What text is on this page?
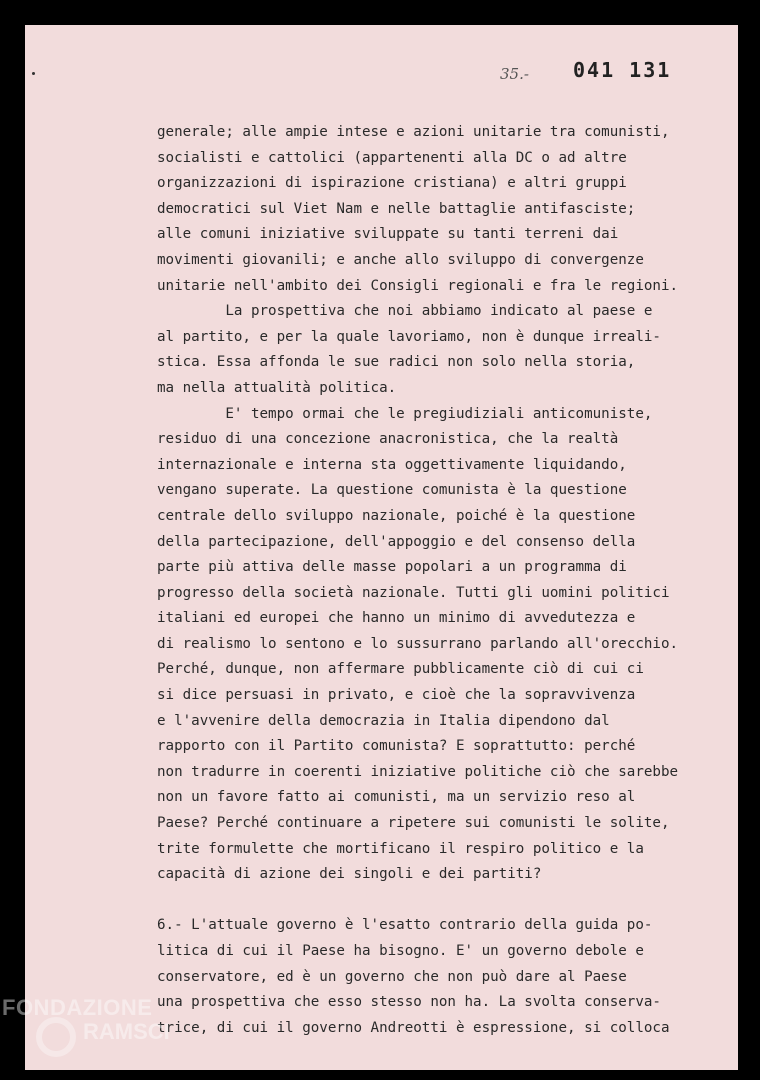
35.- 041 131
generale; alle ampie intese e azioni unitarie tra comunisti,
socialisti e cattolici (appartenenti alla DC o ad altre
organizzazioni di ispirazione cristiana) e altri gruppi
democratici sul Viet Nam e nelle battaglie antifasciste;
alle comuni iniziative sviluppate su tanti terreni dai
movimenti giovanili; e anche allo sviluppo di convergenze
unitarie nell'ambito dei Consigli regionali e fra le regioni.
La prospettiva che noi abbiamo indicato al paese e
al partito, e per la quale lavoriamo, non è dunque irreali-
stica. Essa affonda le sue radici non solo nella storia,
ma nella attualità politica.
E' tempo ormai che le pregiudiziali anticomuniste,
residuo di una concezione anacronistica, che la realtà
internazionale e interna sta oggettivamente liquidando,
vengano superate. La questione comunista è la questione
centrale dello sviluppo nazionale, poiché è la questione
della partecipazione, dell'appoggio e del consenso della
parte più attiva delle masse popolari a un programma di
progresso della società nazionale. Tutti gli uomini politici
italiani ed europei che hanno un minimo di avvedutezza e
di realismo lo sentono e lo sussurrano parlando all'orecchio.
Perché, dunque, non affermare pubblicamente ciò di cui ci
si dice persuasi in privato, e cioè che la sopravvivenza
e l'avvenire della democrazia in Italia dipendono dal
rapporto con il Partito comunista? E soprattutto: perché
non tradurre in coerenti iniziative politiche ciò che sarebbe
non un favore fatto ai comunisti, ma un servizio reso al
Paese? Perché continuare a ripetere sui comunisti le solite,
trite formulette che mortificano il respiro politico e la
capacità di azione dei singoli e dei partiti?
6.- L'attuale governo è l'esatto contrario della guida po-
litica di cui il Paese ha bisogno. E' un governo debole e
conservatore, ed è un governo che non può dare al Paese
una prospettiva che esso stesso non ha. La svolta conserva-
trice, di cui il governo Andreotti è espressione, si colloca
FONDAZIONE
RAMSCI
